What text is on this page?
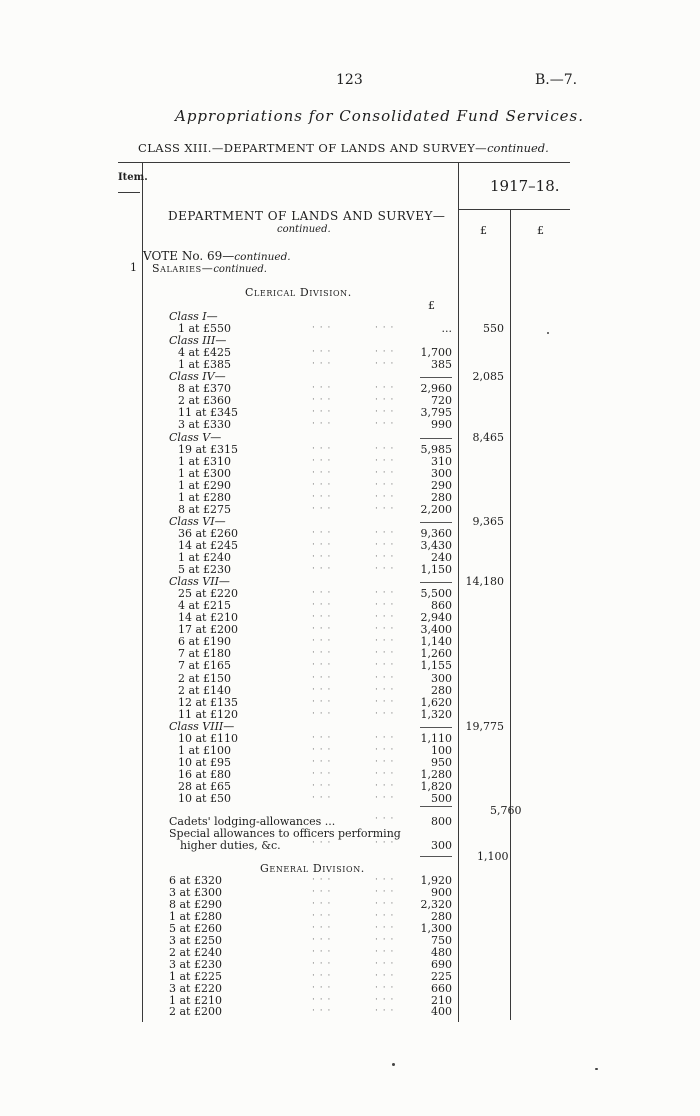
123	B.—7.
Appropriations for Consolidated Fund Services.
CLASS XIII.—DEPARTMENT OF LANDS AND SURVEY—continued.
Item.	1917–18.
DEPARTMENT OF LANDS AND SURVEY—
continued.	£	£
VOTE No. 69—continued.
1 Salaries—continued.
Clerical Division.
£
Class I—
1 at £550	· · ·	· · ·	...	550
Class III—
4 at £425	· · ·	· · · 1,700
1 at £385	· · ·	· · ·	385
Class IV—	2,085
8 at £370	· · ·	· · · 2,960
2 at £360	· · ·	· · ·	720
11 at £345	· · ·	· · · 3,795
3 at £330	· · ·	· · ·	990
Class V—	8,465
19 at £315	· · ·	· · · 5,985
1 at £310	· · ·	· · ·	310
1 at £300	· · ·	· · ·	300
1 at £290	· · ·	· · ·	290
1 at £280	· · ·	· · ·	280
8 at £275	· · ·	· · · 2,200
Class VI—	9,365
36 at £260	· · ·	· · · 9,360
14 at £245	· · ·	· · · 3,430
1 at £240	· · ·	· · ·	240
5 at £230	· · ·	· · · 1,150
Class VII—	14,180
25 at £220	· · ·	· · · 5,500
4 at £215	· · ·	· · ·	860
14 at £210	· · ·	· · · 2,940
17 at £200	· · ·	· · · 3,400
6 at £190	· · ·	· · · 1,140
7 at £180	· · ·	· · · 1,260
7 at £165	· · ·	· · · 1,155
2 at £150	· · ·	· · ·	300
2 at £140	· · ·	· · ·	280
12 at £135	· · ·	· · · 1,620
11 at £120	· · ·	· · · 1,320
Class VIII—	19,775
10 at £110	· · ·	· · · 1,110
1 at £100	· · ·	· · ·	100
10 at £95	· · ·	· · ·	950
16 at £80	· · ·	· · · 1,280
28 at £65	· · ·	· · · 1,820
10 at £50	· · ·	· · ·	500
5,760
Cadets' lodging-allowances ...	· · ·	800
Special allowances to officers performing
higher duties, &c.	· · ·	· · ·	300
1,100
General Division.
6 at £320	· · ·	· · · 1,920
3 at £300	· · ·	· · ·	900
8 at £290	· · ·	· · · 2,320
1 at £280	· · ·	· · ·	280
5 at £260	· · ·	· · · 1,300
3 at £250	· · ·	· · ·	750
2 at £240	· · ·	· · ·	480
3 at £230	· · ·	· · ·	690
1 at £225	· · ·	· · ·	225
3 at £220	· · ·	· · ·	660
1 at £210	· · ·	· · ·	210
2 at £200	· · ·	· · ·	400
